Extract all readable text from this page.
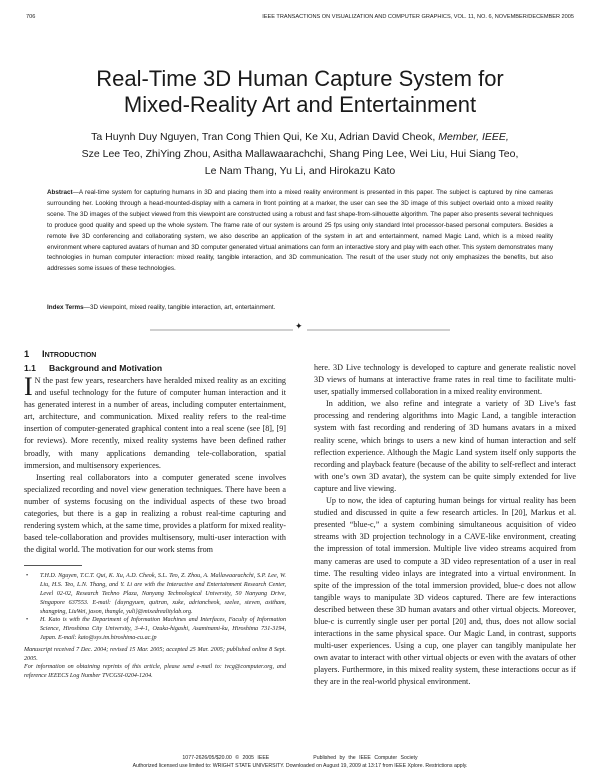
706	IEEE TRANSACTIONS ON VISUALIZATION AND COMPUTER GRAPHICS, VOL. 11, NO. 6, NOVEMBER/DECEMBER 2005
Real-Time 3D Human Capture System for
Mixed-Reality Art and Entertainment
Ta Huynh Duy Nguyen, Tran Cong Thien Qui, Ke Xu, Adrian David Cheok, Member, IEEE,
Sze Lee Teo, ZhiYing Zhou, Asitha Mallawaarachchi, Shang Ping Lee, Wei Liu, Hui Siang Teo,
Le Nam Thang, Yu Li, and Hirokazu Kato
Abstract—A real-time system for capturing humans in 3D and placing them into a mixed reality environment is presented in this paper. The subject is captured by nine cameras surrounding her. Looking through a head-mounted-display with a camera in front pointing at a marker, the user can see the 3D image of this subject overlaid onto a mixed reality scene. The 3D images of the subject viewed from this viewpoint are constructed using a robust and fast shape-from-silhouette algorithm. The paper also presents several techniques to produce good quality and speed up the whole system. The frame rate of our system is around 25 fps using only standard Intel processor-based personal computers. Besides a remote live 3D conferencing and collaborating system, we also describe an application of the system in art and entertainment, named Magic Land, which is a mixed reality environment where captured avatars of human and 3D computer generated virtual animations can form an interactive story and play with each other. This system demonstrates many technologies in human computer interaction: mixed reality, tangible interaction, and 3D communication. The result of the user study not only emphasizes the benefits, but also addresses some issues of these technologies.
Index Terms—3D viewpoint, mixed reality, tangible interaction, art, entertainment.
✦
1 Introduction
1.1 Background and Motivation

I N the past few years, researchers have heralded mixed reality as an exciting and useful technology for the future of computer human interaction and it has generated interest in a number of areas, including computer entertainment, art, architecture, and communication. Mixed reality refers to the real-time insertion of computer-generated graphical content into a real scene (see [8], [9] for reviews). More recently, mixed reality systems have been defined rather broadly, with many applications demanding tele-collaboration, spatial immersion, and multisensory experiences.

Inserting real collaborators into a computer generated scene involves specialized recording and novel view generation techniques. There have been a number of systems focusing on the individual aspects of these two broad categories, but there is a gap in realizing a robust real-time capturing and rendering system which, at the same time, provides a platform for mixed reality-based tele-collaboration and provides multisensory, multi-user interaction with the digital world. The motivation for our work stems from

• T.H.D. Nguyen, T.C.T. Qui, K. Xu, A.D. Cheok, S.L. Teo, Z. Zhou, A. Mallawaarachchi, S.P. Lee, W. Liu, H.S. Teo, L.N. Thang, and Y. Li are with the Interactive and Entertainment Research Center, Level 02-02, Research Techno Plaza, Nanyang Technological University, 50 Nanyang Drive, Singapore 637553. E-mail: {duyngyuen, quitran, xuke, adriancheok, szelee, steven, asitham, shangping, LiuWei, jason, thangle, yuli}@mixedrealitylab.org.

• H. Kato is with the Department of Information Machines and Interfaces, Faculty of Information Science, Hiroshima City University, 3-4-1, Ozuka-higashi, Asaminami-ku, Hiroshima 731-3194, Japan. E-mail: kato@sys.im.hiroshima-cu.ac.jp

Manuscript received 7 Dec. 2004; revised 15 Mar. 2005; accepted 25 Mar. 2005; published online 8 Sept. 2005.

For information on obtaining reprints of this article, please send e-mail to: tvcg@computer.org, and reference IEEECS Log Number TVCGSI-0204-1204.

here. 3D Live technology is developed to capture and generate realistic novel 3D views of humans at interactive frame rates in real time to facilitate multi-user, spatially immersed collaboration in a mixed reality environment.

In addition, we also refine and integrate a variety of 3D Live’s fast processing and rendering algorithms into Magic Land, a tangible interaction system with fast recording and rendering of 3D humans avatars in a mixed reality scene, which brings to users a new kind of human interaction and self reflection experience. Although the Magic Land system itself only supports the recording and playback feature (because of the ability to self-reflect and interact with one’s own 3D avatar), the system can be quite simply extended for live capture and live viewing.

Up to now, the idea of capturing human beings for virtual reality has been studied and discussed in quite a few research articles. In [20], Markus et al. presented “blue-c,” a system combining simultaneous acquisition of video streams with 3D projection technology in a CAVE-like environment, creating the impression of total immersion. Multiple live video streams acquired from many cameras are used to compute a 3D video representation of a user in real time. The resulting video inlays are integrated into a virtual environment. In spite of the impression of the total immersion provided, blue-c does not allow tangible ways to manipulate 3D videos captured. There are few interactions described between these 3D human avatars and other virtual objects. Moreover, blue-c is currently single user per portal [20] and, thus, does not allow social interactions in the same physical space. Our Magic Land, in contrast, supports multi-user experiences. Using a cup, one player can tangibly manipulate her own avatar to interact with other virtual objects or even with the avatars of other players. Furthermore, in this mixed reality system, these interactions occur as if they are in the real-world physical environment.

1077-2626/05/$20.00 © 2005 IEEE	Published by the IEEE Computer Society
Authorized licensed use limited to: WRIGHT STATE UNIVERSITY. Downloaded on August 19, 2009 at 13:17 from IEEE Xplore. Restrictions apply.
